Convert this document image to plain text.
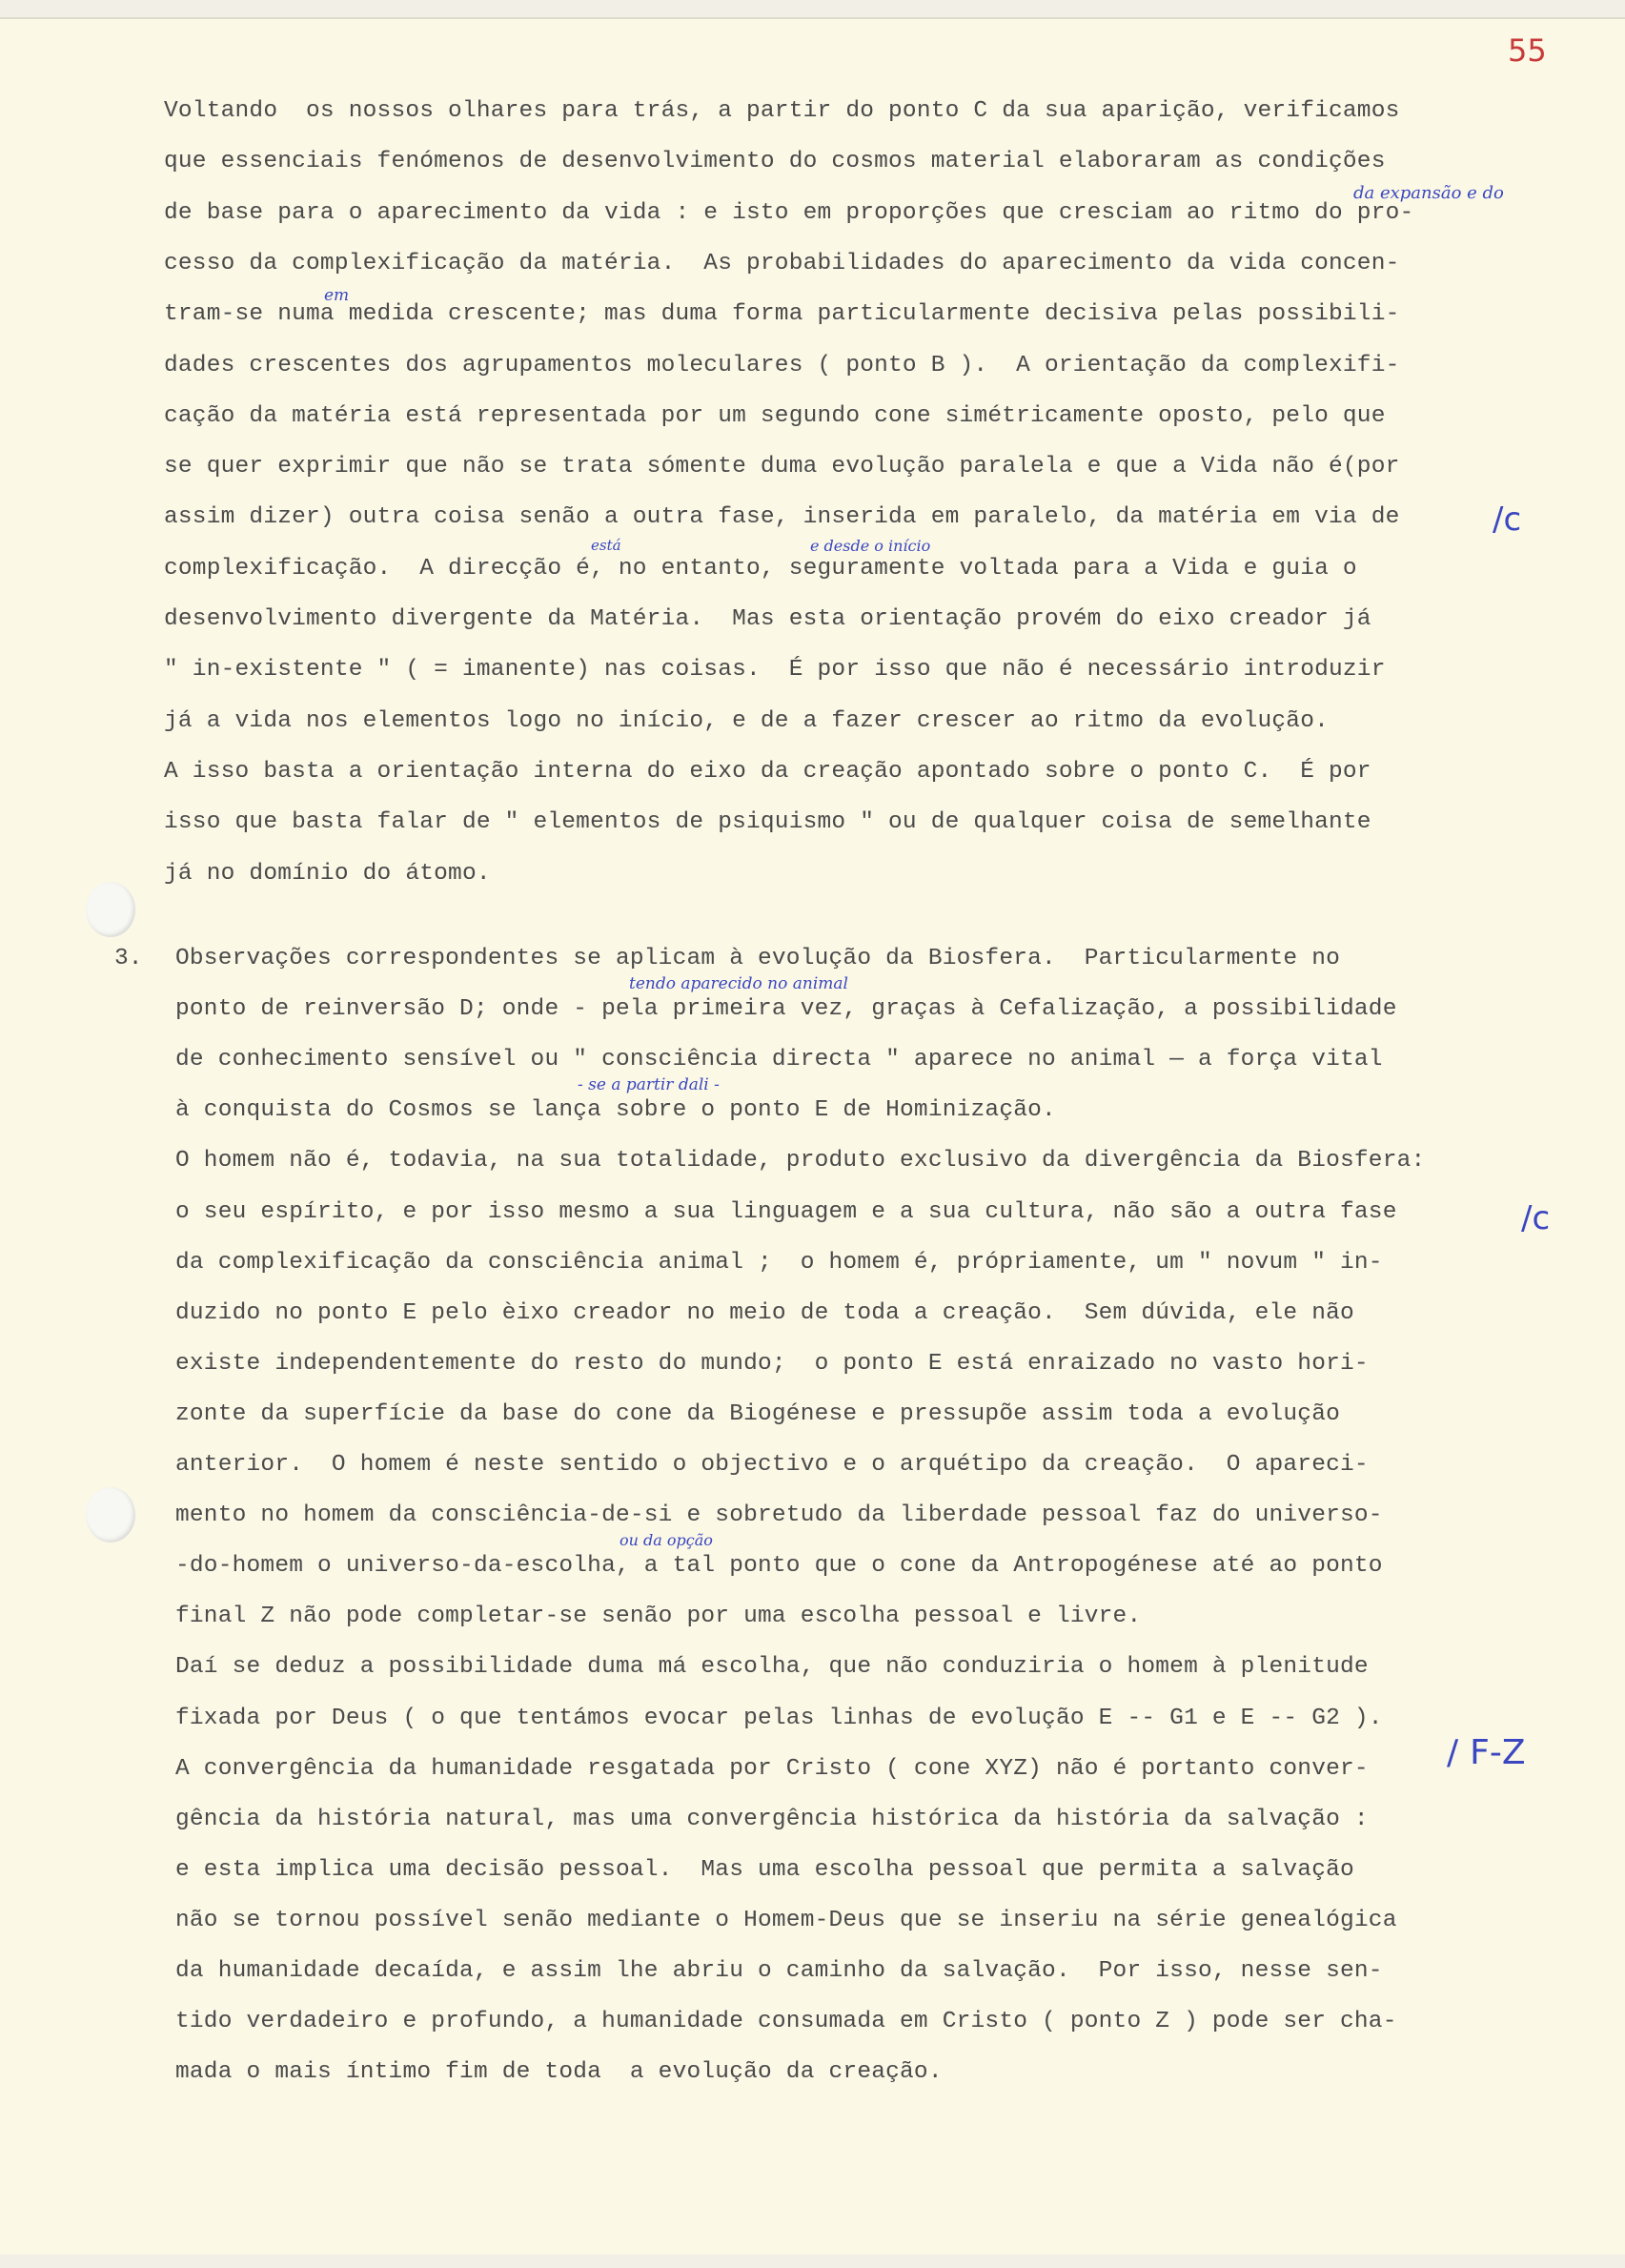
55
Voltando  os nossos olhares para trás, a partir do ponto C da sua aparição, verificamos
que essenciais fenómenos de desenvolvimento do cosmos material elaboraram as condições
de base para o aparecimento da vida : e isto em proporções que cresciam ao ritmo do pro-
cesso da complexificação da matéria.  As probabilidades do aparecimento da vida concen-
tram-se numa medida crescente; mas duma forma particularmente decisiva pelas possibili-
dades crescentes dos agrupamentos moleculares ( ponto B ).  A orientação da complexifi-
cação da matéria está representada por um segundo cone simétricamente oposto, pelo que
se quer exprimir que não se trata sómente duma evolução paralela e que a Vida não é(por
assim dizer) outra coisa senão a outra fase, inserida em paralelo, da matéria em via de
complexificação.  A direcção é, no entanto, seguramente voltada para a Vida e guia o
desenvolvimento divergente da Matéria.  Mas esta orientação provém do eixo creador já
" in-existente " ( = imanente) nas coisas.  É por isso que não é necessário introduzir
já a vida nos elementos logo no início, e de a fazer crescer ao ritmo da evolução.
A isso basta a orientação interna do eixo da creação apontado sobre o ponto C.  É por
isso que basta falar de " elementos de psiquismo " ou de qualquer coisa de semelhante
já no domínio do átomo.
3. Observações correspondentes se aplicam à evolução da Biosfera.  Particularmente no
ponto de reinversão D; onde - pela primeira vez, graças à Cefalização, a possibilidade
de conhecimento sensível ou " consciência directa " aparece no animal — a força vital
à conquista do Cosmos se lança sobre o ponto E de Hominização.
O homem não é, todavia, na sua totalidade, produto exclusivo da divergência da Biosfera:
o seu espírito, e por isso mesmo a sua linguagem e a sua cultura, não são a outra fase
da complexificação da consciência animal ;  o homem é, própriamente, um " novum " in-
duzido no ponto E pelo èixo creador no meio de toda a creação.  Sem dúvida, ele não
existe independentemente do resto do mundo;  o ponto E está enraizado no vasto hori-
zonte da superfície da base do cone da Biogénese e pressupõe assim toda a evolução
anterior.  O homem é neste sentido o objectivo e o arquétipo da creação.  O apareci-
mento no homem da consciência-de-si e sobretudo da liberdade pessoal faz do universo-
-do-homem o universo-da-escolha, a tal ponto que o cone da Antropogénese até ao ponto
final Z não pode completar-se senão por uma escolha pessoal e livre.
Daí se deduz a possibilidade duma má escolha, que não conduziria o homem à plenitude
fixada por Deus ( o que tentámos evocar pelas linhas de evolução E -- G1 e E -- G2 ).
A convergência da humanidade resgatada por Cristo ( cone XYZ) não é portanto conver-
gência da história natural, mas uma convergência histórica da história da salvação :
e esta implica uma decisão pessoal.  Mas uma escolha pessoal que permita a salvação
não se tornou possível senão mediante o Homem-Deus que se inseriu na série genealógica
da humanidade decaída, e assim lhe abriu o caminho da salvação.  Por isso, nesse sen-
tido verdadeiro e profundo, a humanidade consumada em Cristo ( ponto Z ) pode ser cha-
mada o mais íntimo fim de toda  a evolução da creação.
da expansão e do
em
está	e desde o início
tendo aparecido no animal
- se a partir dali -
ou da opção
/c
/c
/ F-Z
